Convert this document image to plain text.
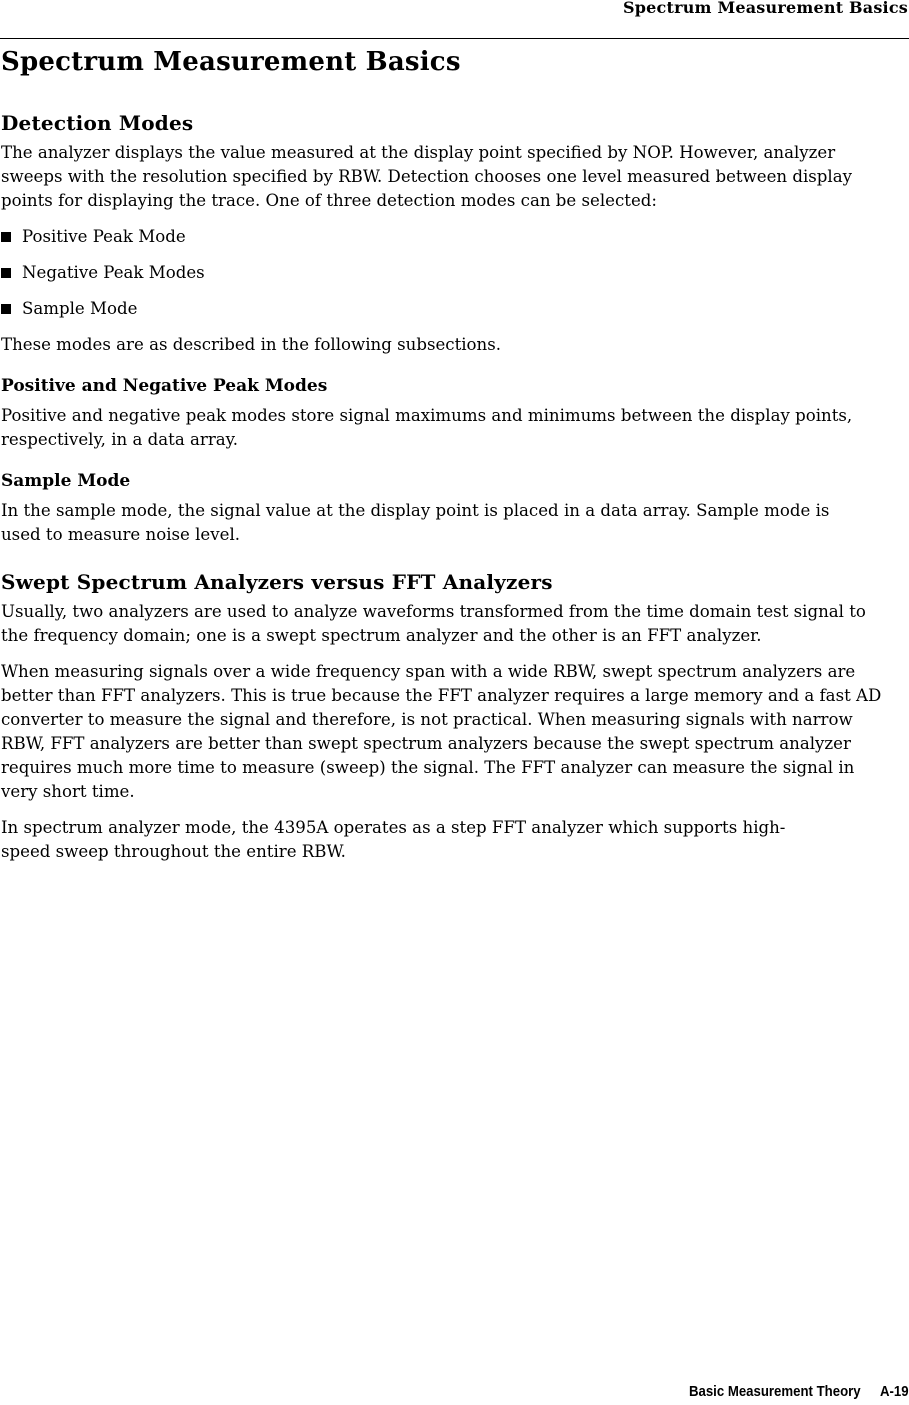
Spectrum Measurement Basics
Spectrum Measurement Basics
Detection Modes

The analyzer displays the value measured at the display point specified by NOP. However, analyzer sweeps with the resolution specified by RBW. Detection chooses one level measured between display points for displaying the trace. One of three detection modes can be selected:

Positive Peak Mode
Negative Peak Modes
Sample Mode

These modes are as described in the following subsections.

Positive and Negative Peak Modes

Positive and negative peak modes store signal maximums and minimums between the display points, respectively, in a data array.

Sample Mode

In the sample mode, the signal value at the display point is placed in a data array. Sample mode is used to measure noise level.

Swept Spectrum Analyzers versus FFT Analyzers

Usually, two analyzers are used to analyze waveforms transformed from the time domain test signal to the frequency domain; one is a swept spectrum analyzer and the other is an FFT analyzer.

When measuring signals over a wide frequency span with a wide RBW, swept spectrum analyzers are better than FFT analyzers. This is true because the FFT analyzer requires a large memory and a fast AD converter to measure the signal and therefore, is not practical. When measuring signals with narrow RBW, FFT analyzers are better than swept spectrum analyzers because the swept spectrum analyzer requires much more time to measure (sweep) the signal. The FFT analyzer can measure the signal in very short time.

In spectrum analyzer mode, the 4395A operates as a step FFT analyzer which supports high-speed sweep throughout the entire RBW.

Basic Measurement Theory A-19
